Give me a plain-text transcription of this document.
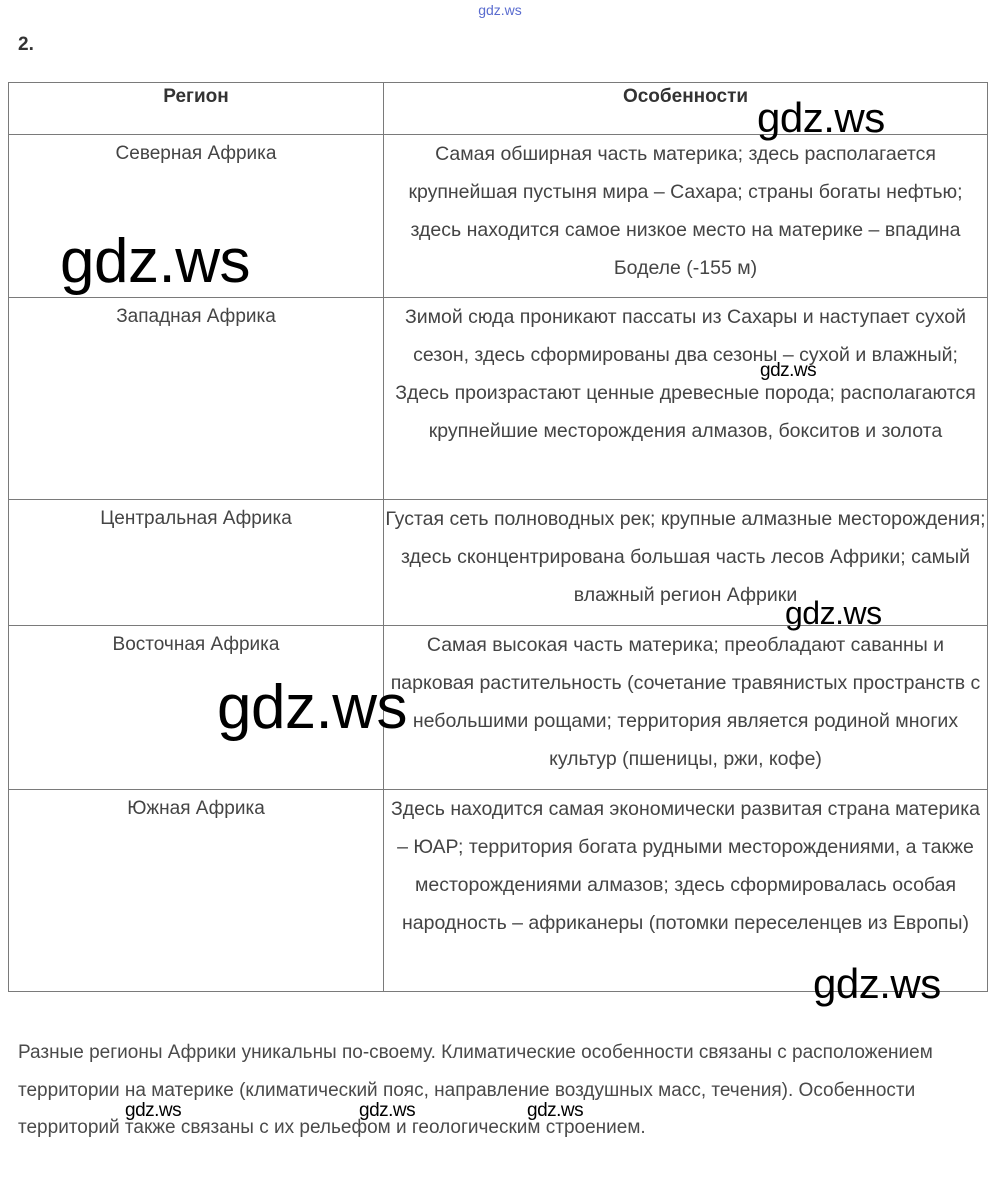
gdz.ws
2.
Регион	Особенности
Северная Африка	Самая обширная часть материка; здесь располагается крупнейшая пустыня мира – Сахара; страны богаты нефтью; здесь находится самое низкое место на материке – впадина Боделе (-155 м)
Западная Африка	Зимой сюда проникают пассаты из Сахары и наступает сухой сезон, здесь сформированы два сезоны – сухой и влажный; Здесь произрастают ценные древесные порода; располагаются крупнейшие месторождения алмазов, бокситов и золота
Центральная Африка	Густая сеть полноводных рек; крупные алмазные месторождения; здесь сконцентрирована большая часть лесов Африки; самый влажный регион Африки
Восточная Африка	Самая высокая часть материка; преобладают саванны и парковая растительность (сочетание травянистых пространств с небольшими рощами; территория является родиной многих культур (пшеницы, ржи, кофе)
Южная Африка	Здесь находится самая экономически развитая страна материка – ЮАР; территория богата рудными месторождениями, а также месторождениями алмазов; здесь сформировалась особая народность – африканеры (потомки переселенцев из Европы)
Разные регионы Африки уникальны по-своему. Климатические особенности связаны с расположением территории на материке (климатический пояс, направление воздушных масс, течения). Особенности территорий также связаны с их рельефом и геологическим строением.
gdz.ws
gdz.ws
gdz.ws
gdz.ws
gdz.ws
gdz.ws
gdz.ws	gdz.ws	gdz.ws
